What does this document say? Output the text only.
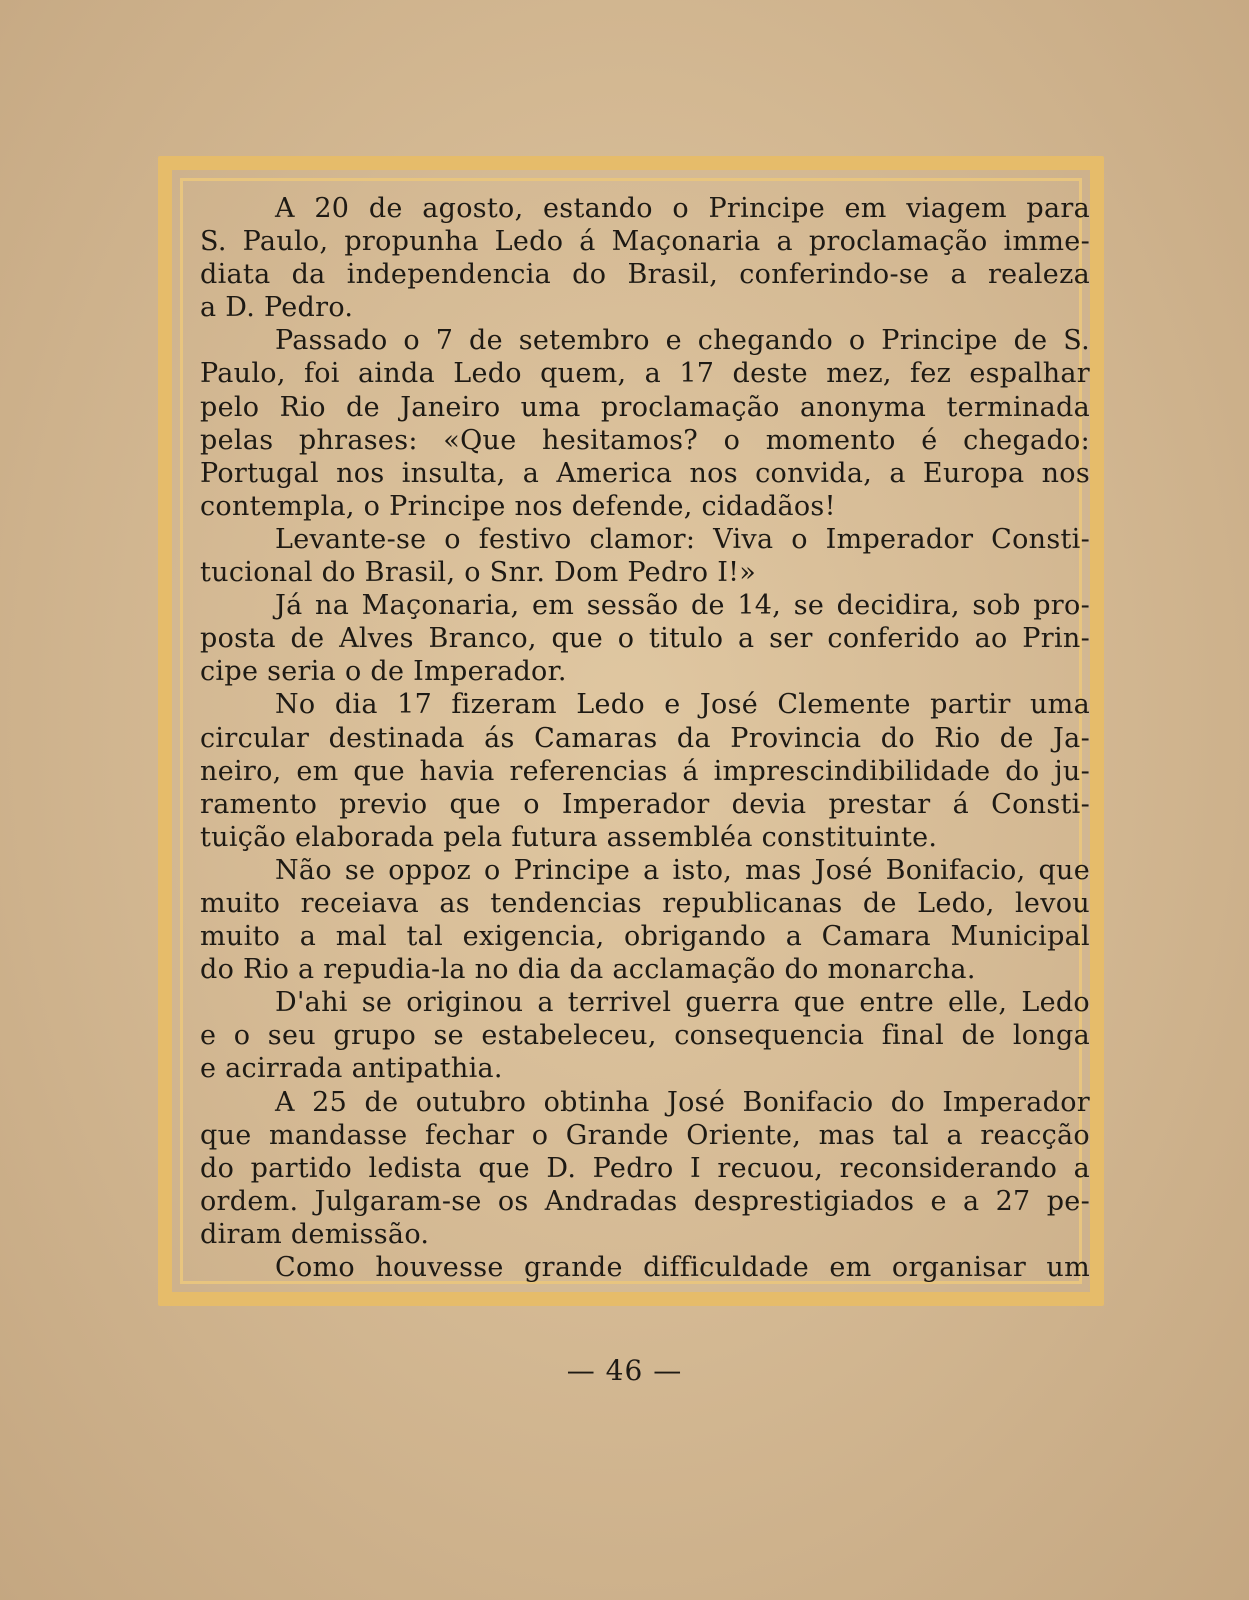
A 20 de agosto, estando o Principe em viagem para
S. Paulo, propunha Ledo á Maçonaria a proclamação imme-
diata da independencia do Brasil, conferindo-se a realeza
a D. Pedro.
Passado o 7 de setembro e chegando o Principe de S.
Paulo, foi ainda Ledo quem, a 17 deste mez, fez espalhar
pelo Rio de Janeiro uma proclamação anonyma terminada
pelas phrases: «Que hesitamos? o momento é chegado:
Portugal nos insulta, a America nos convida, a Europa nos
contempla, o Principe nos defende, cidadãos!
Levante-se o festivo clamor: Viva o Imperador Consti-
tucional do Brasil, o Snr. Dom Pedro I!»
Já na Maçonaria, em sessão de 14, se decidira, sob pro-
posta de Alves Branco, que o titulo a ser conferido ao Prin-
cipe seria o de Imperador.
No dia 17 fizeram Ledo e José Clemente partir uma
circular destinada ás Camaras da Provincia do Rio de Ja-
neiro, em que havia referencias á imprescindibilidade do ju-
ramento previo que o Imperador devia prestar á Consti-
tuição elaborada pela futura assembléa constituinte.
Não se oppoz o Principe a isto, mas José Bonifacio, que
muito receiava as tendencias republicanas de Ledo, levou
muito a mal tal exigencia, obrigando a Camara Municipal
do Rio a repudia-la no dia da acclamação do monarcha.
D'ahi se originou a terrivel guerra que entre elle, Ledo
e o seu grupo se estabeleceu, consequencia final de longa
e acirrada antipathia.
A 25 de outubro obtinha José Bonifacio do Imperador
que mandasse fechar o Grande Oriente, mas tal a reacção
do partido ledista que D. Pedro I recuou, reconsiderando a
ordem. Julgaram-se os Andradas desprestigiados e a 27 pe-
diram demissão.
Como houvesse grande difficuldade em organisar um
— 46 —
